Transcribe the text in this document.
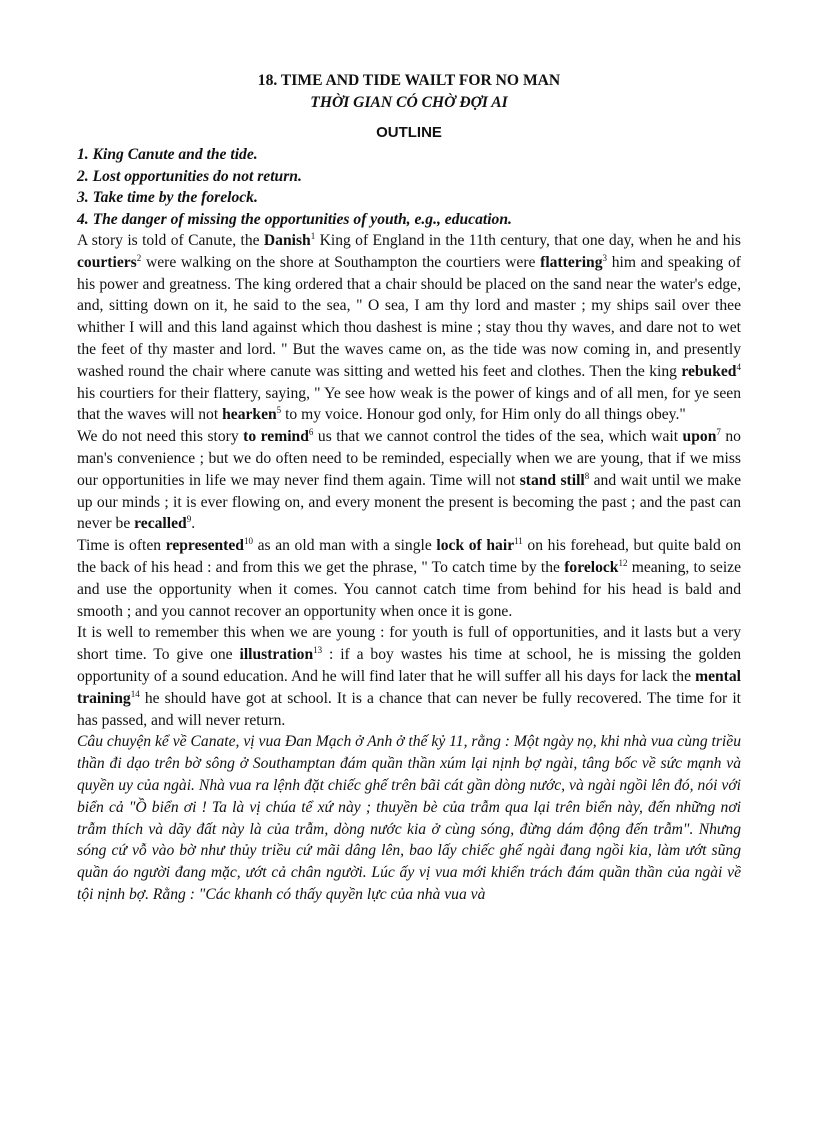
18. TIME AND TIDE WAILT FOR NO MAN
THỜI GIAN CÓ CHỜ ĐỢI AI
OUTLINE

1. King Canute and the tide.

2. Lost opportunities do not return.

3. Take time by the forelock.

4. The danger of missing the opportunities of youth, e.g., education.

A story is told of Canute, the Danish$^1$ King of England in the 11th century, that one day, when he and his courtiers$^2$ were walking on the shore at Southampton the courtiers were flattering$^3$ him and speaking of his power and greatness. The king ordered that a chair should be placed on the sand near the water's edge, and, sitting down on it, he said to the sea, " O sea, I am thy lord and master ; my ships sail over thee whither I will and this land against which thou dashest is mine ; stay thou thy waves, and dare not to wet the feet of thy master and lord. " But the waves came on, as the tide was now coming in, and presently washed round the chair where canute was sitting and wetted his feet and clothes. Then the king rebuked$^4$ his courtiers for their flattery, saying, " Ye see how weak is the power of kings and of all men, for ye seen that the waves will not hearken$^5$ to my voice. Honour god only, for Him only do all things obey."

We do not need this story to remind$^6$ us that we cannot control the tides of the sea, which wait upon$^7$ no man's convenience ; but we do often need to be reminded, especially when we are young, that if we miss our opportunities in life we may never find them again. Time will not stand still$^8$ and wait until we make up our minds ; it is ever flowing on, and every monent the present is becoming the past ; and the past can never be recalled$^9$.

Time is often represented$^{10}$ as an old man with a single lock of hair$^{11}$ on his forehead, but quite bald on the back of his head : and from this we get the phrase, " To catch time by the forelock$^{12}$ meaning, to seize and use the opportunity when it comes. You cannot catch time from behind for his head is bald and smooth ; and you cannot recover an opportunity when once it is gone.

It is well to remember this when we are young : for youth is full of opportunities, and it lasts but a very short time. To give one illustration$^{13}$ : if a boy wastes his time at school, he is missing the golden opportunity of a sound education. And he will find later that he will suffer all his days for lack the mental training$^{14}$ he should have got at school. It is a chance that can never be fully recovered. The time for it has passed, and will never return.

Câu chuyện kể về Canate, vị vua Đan Mạch ở Anh ở thế kỷ 11, rằng : Một ngày nọ, khi nhà vua cùng triều thần đi dạo trên bờ sông ở Southamptan đám quần thần xúm lại nịnh bợ ngài, tâng bốc về sức mạnh và quyền uy của ngài. Nhà vua ra lệnh đặt chiếc ghế trên bãi cát gần dòng nước, và ngài ngồi lên đó, nói với biển cả "Ồ biển ơi ! Ta là vị chúa tể xứ này ; thuyền bè của trẫm qua lại trên biển này, đến những nơi trẫm thích và dãy đất này là của trẫm, dòng nước kia ở cùng sóng, đừng dám động đến trẫm". Nhưng sóng cứ vỗ vào bờ như thủy triều cứ mãi dâng lên, bao lấy chiếc ghế ngài đang ngồi kia, làm ướt sũng quần áo người đang mặc, ướt cả chân người. Lúc ấy vị vua mới khiển trách đám quần thần của ngài về tội nịnh bợ. Rằng : "Các khanh có thấy quyền lực của nhà vua và
